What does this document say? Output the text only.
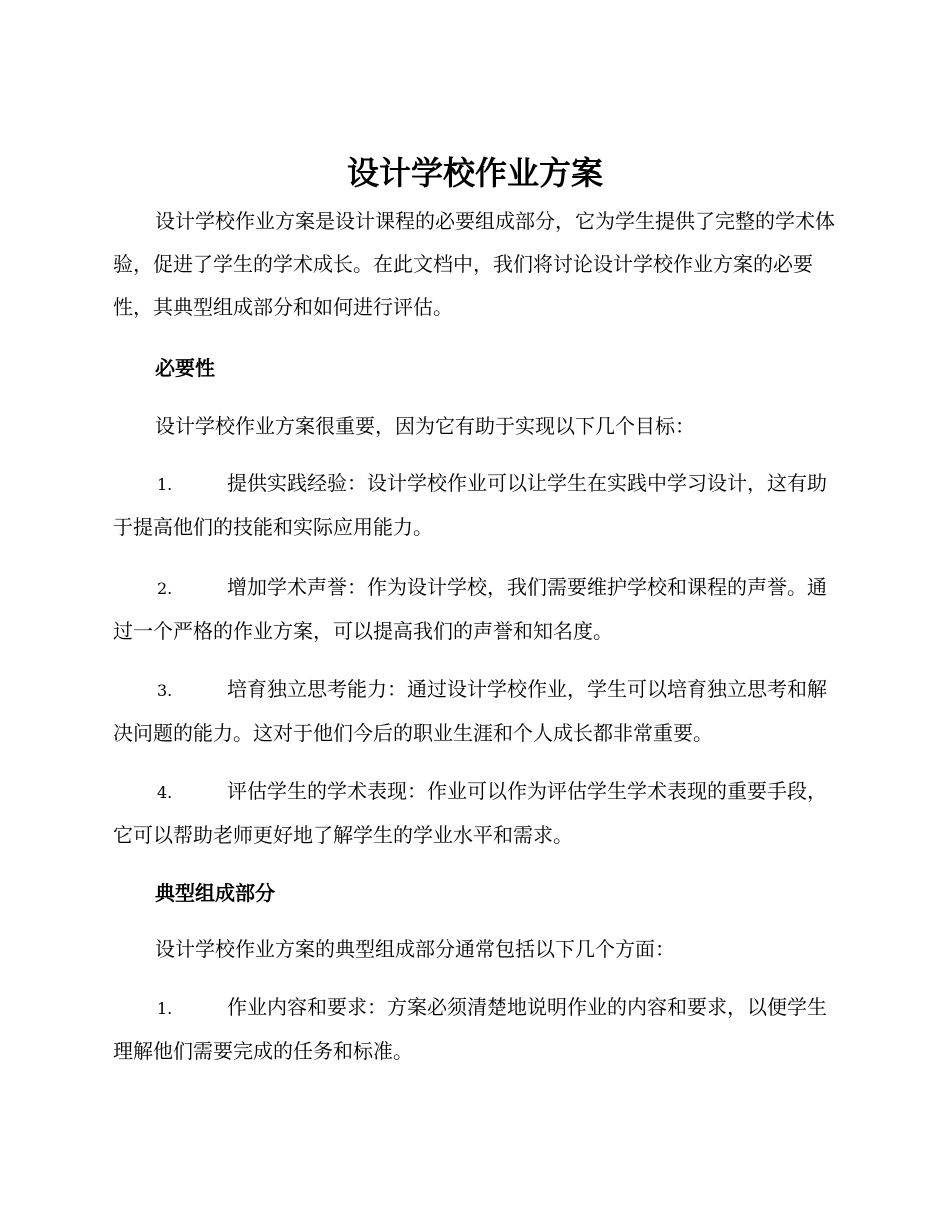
设计学校作业方案

设计学校作业方案是设计课程的必要组成部分，它为学生提供了完整的学术体验，促进了学生的学术成长。在此文档中，我们将讨论设计学校作业方案的必要性，其典型组成部分和如何进行评估。

必要性

设计学校作业方案很重要，因为它有助于实现以下几个目标：

1.	提供实践经验：设计学校作业可以让学生在实践中学习设计，这有助于提高他们的技能和实际应用能力。

2.	增加学术声誉：作为设计学校，我们需要维护学校和课程的声誉。通过一个严格的作业方案，可以提高我们的声誉和知名度。

3.	培育独立思考能力：通过设计学校作业，学生可以培育独立思考和解决问题的能力。这对于他们今后的职业生涯和个人成长都非常重要。

4.	评估学生的学术表现：作业可以作为评估学生学术表现的重要手段，它可以帮助老师更好地了解学生的学业水平和需求。

典型组成部分

设计学校作业方案的典型组成部分通常包括以下几个方面：

1.	作业内容和要求：方案必须清楚地说明作业的内容和要求，以便学生理解他们需要完成的任务和标准。
